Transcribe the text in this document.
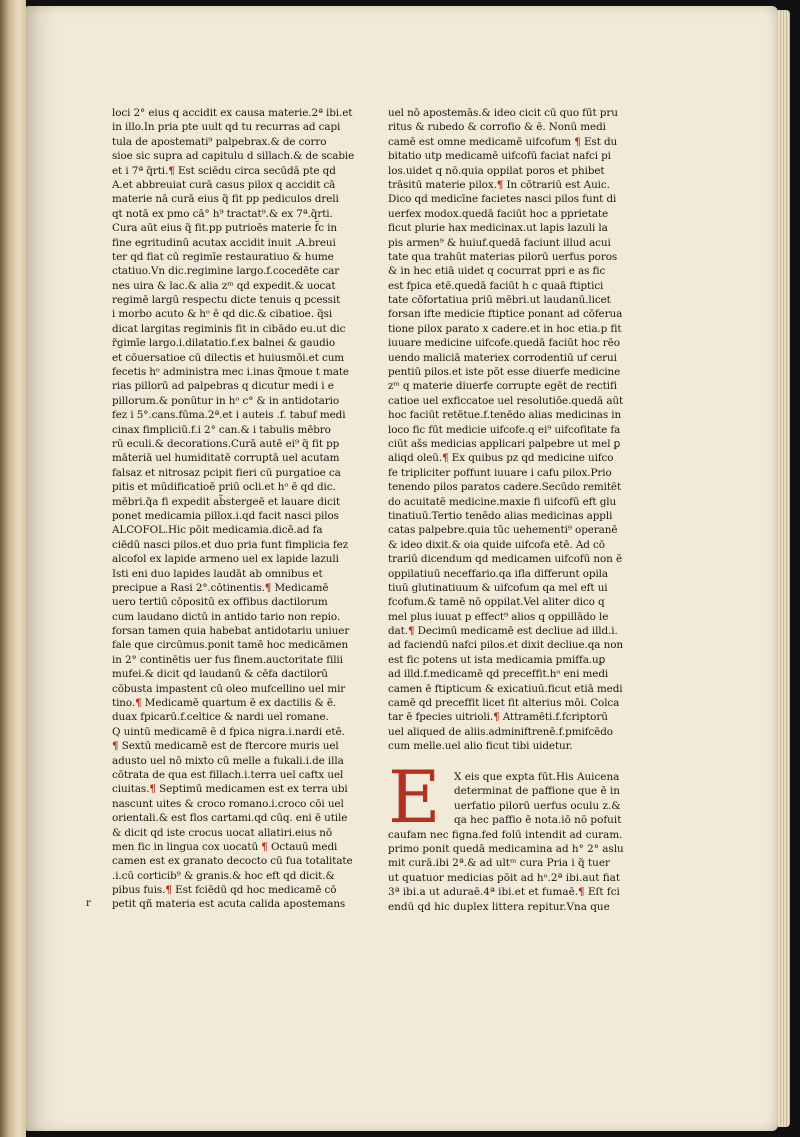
loci 2° eius q accidit ex causa materie.2ª ibi.et
in illo.In pria pte uult qd tu recurras ad capi
tula de apostemati⁹ palpebrax.& de corro
sioe sic supra ad capitulu d sillach.& de scabie
et i 7ª q̃rti.¶ Est sciēdu circa secūdā pte qd
A.et abbreuiat curā casus pilox q accidit cā
materie nā curā eius q̃ fit pp pediculos dreli
qt notā ex pmo cā° h⁹ tractat⁹.& ex 7ª.q̃rti.
Cura aūt eius q̃ fit.pp putrioēs materie f̃c in
fine egritudinū acutax accidit inuit .A.breui
ter qd fiat cū regimīe restauratiuo & hume
ctatiuo.Vn dic.regimine largo.f.cocedēte car
nes uira & lac.& alia zᵐ qd expedit.& uocat
regimē largū respectu dicte tenuis q pcessit
i morbo acuto & hᵒ ē qd dic.& cibatioe. q̃si
dicat largitas regiminis fit in cibādo eu.ut dic
r̃gimīe largo.i.dilatatio.f.ex balnei & gaudio
et cōuersatioe cū dilectis et huiusmōi.et cum
fecetis hᵒ administra mec i.inas q̃moue t mate
rias pillorū ad palpebras q dicutur medi i e
pillorum.& ponūtur in hᵒ c° & in antidotario
fez i 5°.cans.fūma.2ª.et i auteis .f. tabuf medi
cinax fimpliciū.f.i 2° can.& i tabulis mēbro
rū eculi.& decorations.Curā autē ei⁹ q̃ fit pp
māteriā uel humiditatē corruptā uel acutam
falsaz et nitrosaz pcipit fieri cū purgatioe ca
pitis et mūdificatioē priū ocli.et hᵒ ē qd dic.
mēbri.q̃a fi expedit ab̃stergeē et lauare dicit
ponet medicamia pillox.i.qd facit nasci pilos
ALCOFOL.Hic pōit medicamia.dicē.ad fa
ciēdū nasci pilos.et duo pria funt fimplicia fez
alcofol ex lapide armeno uel ex lapide lazuli
Isti eni duo lapides laudāt ab omnibus et
precipue a Rasi 2°.cōtinentis.¶ Medicamē
uero tertiū cōpositū ex offibus dactilorum
cum laudano dictū in antido tario non repio.
forsan tamen quia habebat antidotariu uniuer
fale que circūmus.ponit tamē hoc medicāmen
in 2° continētis uer fus finem.auctoritate filii
mufei.& dicit qd laudanū & cēfa dactilorū
cōbusta impastent cū oleo mufcellino uel mir
tino.¶ Medicamē quartum ē ex dactilis & ē.
duax fpicarū.f.celtice & nardi uel romane.
Q uintū medicamē ē d fpica nigra.i.nardi etē.
¶ Sextū medicamē est de ftercore muris uel
adusto uel nō mixto cū melle a fukali.i.de illa
cōtrata de qua est fillach.i.terra uel caftx uel
ciuitas.¶ Septimū medicamen est ex terra ubi
nascunt uites & croco romano.i.croco cōi uel
orientali.& est flos cartami.qd cūq. eni ē utile
& dicit qd iste crocus uocat allatiri.eius nō
men fic in lingua cox uocatū ¶ Octauū medi
camen est ex granato decocto cū fua totalitate
.i.cū corticib⁹ & granis.& hoc eft qd dicit.&
pibus fuis.¶ Est fciēdū qd hoc medicamē cō
petit qñ materia est acuta calida apostemans
uel nō apostemās.& ideo cicit cū quo fūt pru
ritus & rubedo & corrofio & ē. Nonū medi
camē est omne medicamē uifcofum ¶ Est du
bitatio utp medicamē uifcofū faciat nafci pi
los.uidet q nō.quia oppilat poros et phibet
trāsitū materie pilox.¶ In cōtrariū est Auic.
Dico qd medicīne facietes nasci pilos funt di
uerfex modox.quedā faciūt hoc a pprietate
ficut plurie hax medicinax.ut lapis lazuli la
pis armen⁹ & huiuf.quedā faciunt illud acui
tate qua trahūt materias pilorū uerfus poros
& in hec etiā uidet q cocurrat ppri e as fic
est fpica etē.quedā faciūt h c quaā ftiptici
tate cōfortatiua priū mēbri.ut laudanū.licet
forsan ifte medicie ftiptice ponant ad cōferua
tione pilox parato x cadere.et in hoc etia.p fit
iuuare medicine uifcofe.quedā faciūt hoc rēo
uendo maliciā materiex corrodentiū uf cerui
pentiū pilos.et iste pōt esse diuerfe medicine
zᵐ q materie diuerfe corrupte egēt de rectifi
catioe uel exficcatoe uel resolutiōe.quedā aūt
hoc faciūt retētue.f.tenēdo alias medicinas in
loco fic fūt medicie uifcofe.q ei⁹ uifcofitate fa
ciūt ašs medicias applicari palpebre ut mel ꝑ
aliqd oleū.¶ Ex quibus pz qd medicine uifco
fe tripliciter poffunt iuuare i cafu pilox.Prio
tenendo pilos paratos cadere.Secūdo remitēt
do acuitatē medicine.maxie fi uifcofū eft glu
tinatiuū.Tertio tenēdo alias medicinas appli
catas palpebre.quia tūc uehementi⁹ operanē
& ideo dixit.& oia quide uifcofa etē. Ad cō
trariū dicendum qd medicamen uifcofū non ē
oppilatiuū neceffario.qa ifla differunt opila
tiuū glutinatiuum & uifcofum qa mel eft ui
fcofum.& tamē nō oppilat.Vel aliter dico q
mel plus iuuat p effect⁹ alios q oppillādo le
dat.¶ Decimū medicamē est decliue ad illd.i.
ad faciendū nafci pilos.et dixit decliue.qa non
est fic potens ut ista medicamia pmiffa.uꝑ
ad illd.f.medicamē qd preceffit.hᵒ eni medi
camen ē ftipticum & exicatiuū.ficut etiā medi
camē qd preceffit licet fit alterius mōi. Colca
tar ē fpecies uitrioli.¶ Attramēti.f.fcriptorū
uel aliqued de aliis.adminiftrenē.f.pmifcēdo
cum melle.uel alio ficut tibi uidetur.
E	X eis que expta fūt.His Auicena
determinat de paffione que ē in
uerfatio pilorū uerfus oculu z.&
qa hec paffio ē nota.iō nō pofuit
caufam nec figna.fed folū intendit ad curam.
primo ponit quedā medicamina ad h° 2° aslu
mit curā.ibi 2ª.& ad ultᵐ cura Pria i q̃ tuer
ut quatuor medicias pōit ad hᵒ.2ª ibi.aut fiat
3ª ibi.a ut aduraē.4ª ibi.et et fumaē.¶ Eſt fci
endū qd hic duplex littera repitur.Vna que
r
